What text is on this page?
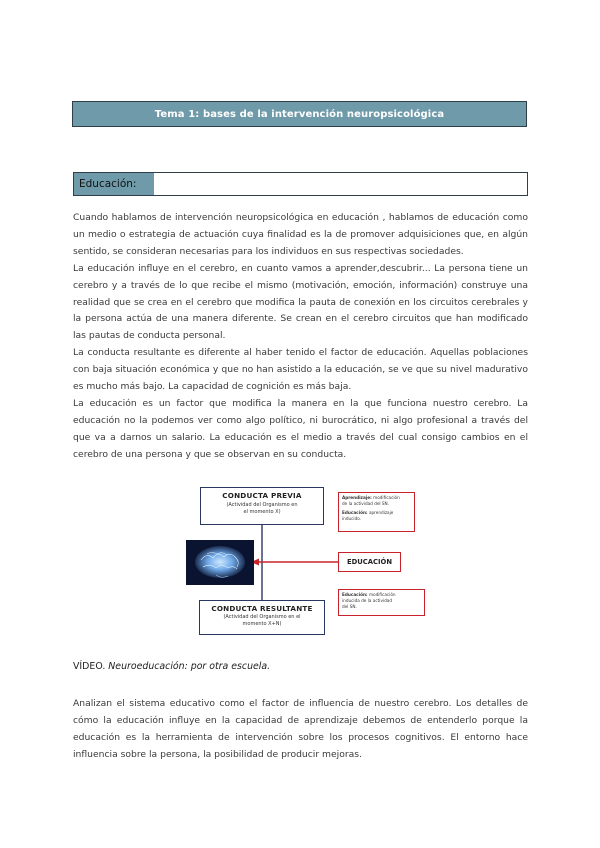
Tema 1: bases de la intervención neuropsicológica
Educación:

Cuando hablamos de intervención neuropsicológica en educación , hablamos de educación como un medio o estrategia de actuación cuya finalidad es la de promover adquisiciones que, en algún sentido, se consideran necesarias para los individuos en sus respectivas sociedades.

La educación influye en el cerebro, en cuanto vamos a aprender,descubrir... La persona tiene un cerebro y a través de lo que recibe el mismo (motivación, emoción, información) construye una realidad que se crea en el cerebro que modifica la pauta de conexión en los circuitos cerebrales y la persona actúa de una manera diferente. Se crean en el cerebro circuitos que han modificado las pautas de conducta personal.

La conducta resultante es diferente al haber tenido el factor de educación. Aquellas poblaciones con baja situación económica y que no han asistido a la educación, se ve que su nivel madurativo es mucho más bajo. La capacidad de cognición es más baja.

La educación es un factor que modifica la manera en la que funciona nuestro cerebro. La educación no la podemos ver como algo político, ni burocrático, ni algo profesional a través del que va a darnos un salario. La educación es el medio a través del cual consigo cambios en el cerebro de una persona y que se observan en su conducta.

CONDUCTA PREVIA
(Actividad del Organismo en
el momento X)
CONDUCTA RESULTANTE
(Actividad del Organismo en el
momento X+N)
EDUCACIÓN
Aprendizaje: modificación
de la actividad del SN.
Educación: aprendizaje
inducido.
Educación: modificación
inducida de la actividad
del SN.
VÍDEO. Neuroeducación: por otra escuela.

Analizan el sistema educativo como el factor de influencia de nuestro cerebro. Los detalles de cómo la educación influye en la capacidad de aprendizaje debemos de entenderlo porque la educación es la herramienta de intervención sobre los procesos cognitivos. El entorno hace influencia sobre la persona, la posibilidad de producir mejoras.
